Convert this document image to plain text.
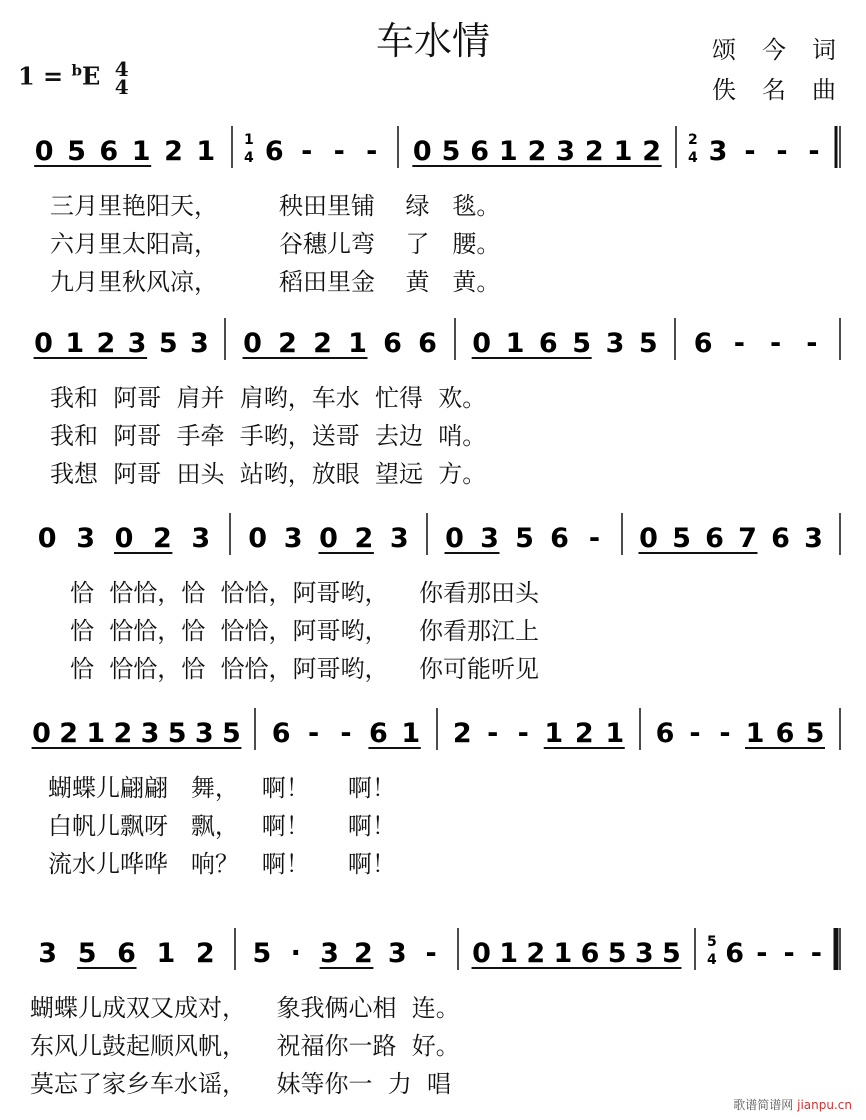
车水情
1 = $^b$E 4
4
颂今词
佚名曲
0 5 6 1 2 1 1
4 6 - - - 0 5 6 1 2 3 2 1 2 2
4 3 - - -
三月里艳阳天，        秧田里铺    绿   毯。
六月里太阳高，        谷穗儿弯    了   腰。
九月里秋风凉，        稻田里金    黄   黄。
0 1 2 3 5 3 0 2 2 1 6 6 0 1 6 5 3 5 6 - - -
我和  阿哥  肩并  肩哟，车水  忙得  欢。
我和  阿哥  手牵  手哟，送哥  去边  哨。
我想  阿哥  田头  站哟，放眼  望远  方。
0 3 0 2 3 0 3 0 2 3 0 3 5 6 - 0 5 6 7 6 3
恰  恰恰，恰  恰恰，阿哥哟，    你看那田头
恰  恰恰，恰  恰恰，阿哥哟，    你看那江上
恰  恰恰，恰  恰恰，阿哥哟，    你可能听见
0 2 1 2 3 5 3 5 6 - - 6 1 2 - - 1 2 1 6 - - 1 6 5
蝴蝶儿翩翩   舞，   啊！     啊！
白帆儿飘呀   飘，   啊！     啊！
流水儿哗哗   响？   啊！     啊！
3 5 6 1 2 5 · 3 2 3 - 0 1 2 1 6 5 3 5 5
4 6 - - -
蝴蝶儿成双又成对，    象我俩心相  连。
东风儿鼓起顺风帆，    祝福你一路  好。
莫忘了家乡车水谣，    妹等你一  力  唱
歌谱简谱网 jianpu.cn
